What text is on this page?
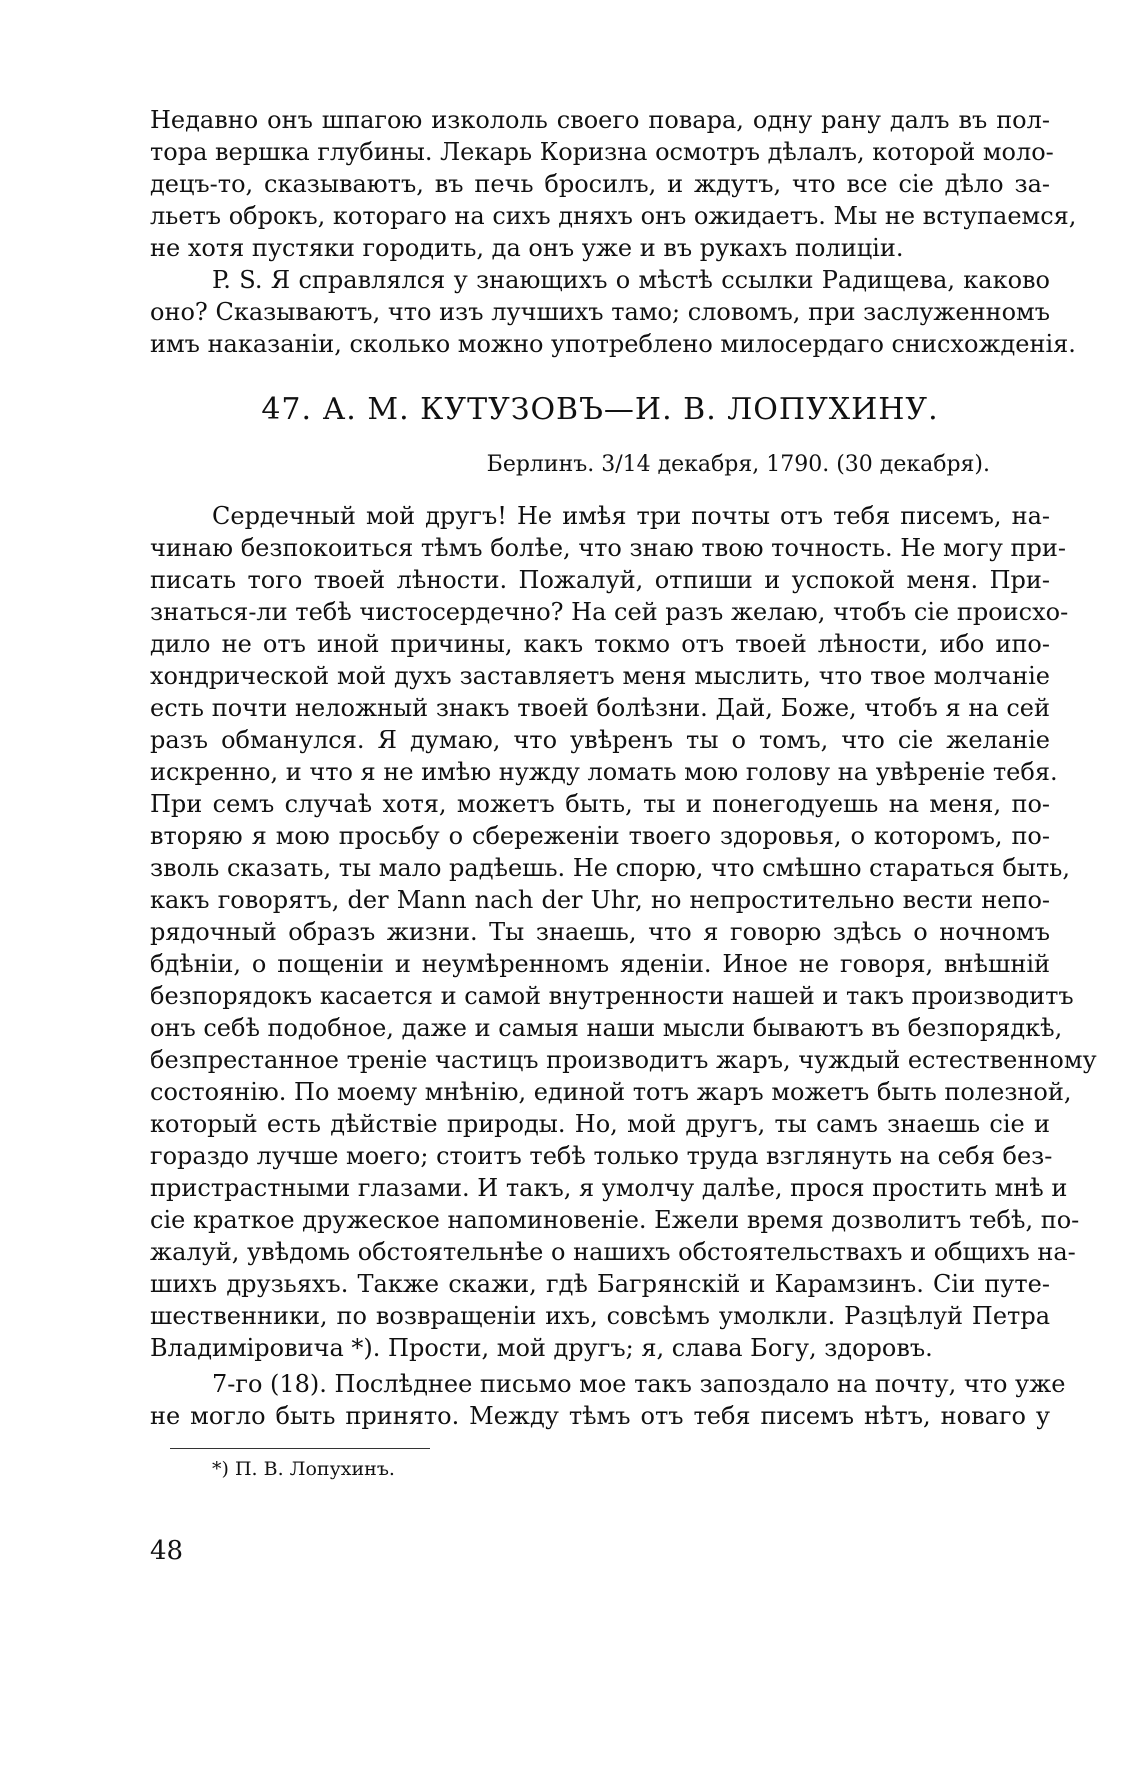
Недавно онъ шпагою изкололь своего повара, одну рану далъ въ пол-
тора вершка глубины. Лекарь Коризна осмотръ дѣлалъ, которой моло-
децъ-то, сказываютъ, въ печь бросилъ, и ждутъ, что все сіе дѣло за-
льетъ оброкъ, котораго на сихъ дняхъ онъ ожидаетъ. Мы не вступаемся,
не хотя пустяки городить, да онъ уже и въ рукахъ полиціи.
P. S. Я справлялся у знающихъ о мѣстѣ ссылки Радищева, каково
оно? Сказываютъ, что изъ лучшихъ тамо; словомъ, при заслуженномъ
имъ наказаніи, сколько можно употреблено милосердаго снисхожденія.
47. А. М. КУТУЗОВЪ—И. В. ЛОПУХИНУ.
Берлинъ. 3/14 декабря, 1790. (30 декабря).
Сердечный мой другъ! Не имѣя три почты отъ тебя писемъ, на-
чинаю безпокоиться тѣмъ болѣе, что знаю твою точность. Не могу при-
писать того твоей лѣности. Пожалуй, отпиши и успокой меня. При-
знаться-ли тебѣ чистосердечно? На сей разъ желаю, чтобъ сіе происхо-
дило не отъ иной причины, какъ токмо отъ твоей лѣности, ибо ипо-
хондрической мой духъ заставляетъ меня мыслить, что твое молчаніе
есть почти неложный знакъ твоей болѣзни. Дай, Боже, чтобъ я на сей
разъ обманулся. Я думаю, что увѣренъ ты о томъ, что сіе желаніе
искренно, и что я не имѣю нужду ломать мою голову на увѣреніе тебя.
При семъ случаѣ хотя, можетъ быть, ты и понегодуешь на меня, по-
вторяю я мою просьбу о сбереженіи твоего здоровья, о которомъ, по-
зволь сказать, ты мало радѣешь. Не спорю, что смѣшно стараться быть,
какъ говорятъ, der Mann nach der Uhr, но непростительно вести непо-
рядочный образъ жизни. Ты знаешь, что я говорю здѣсь о ночномъ
бдѣніи, о пощеніи и неумѣренномъ ядeніи. Иное не говоря, внѣшній
безпорядокъ касается и самой внутренности нашей и такъ производитъ
онъ себѣ подобное, даже и самыя наши мысли бываютъ въ безпорядкѣ,
безпрестанное треніе частицъ производитъ жаръ, чуждый естественному
состоянію. По моему мнѣнію, единой тотъ жаръ можетъ быть полезной,
который есть дѣйствіе природы. Но, мой другъ, ты самъ знаешь сіе и
гораздо лучше моего; стоитъ тебѣ только труда взглянуть на себя без-
пристрастными глазами. И такъ, я умолчу далѣе, прося простить мнѣ и
сіе краткое дружеское напоминовеніе. Ежели время дозволитъ тебѣ, по-
жалуй, увѣдомь обстоятельнѣе о нашихъ обстоятельствахъ и общихъ на-
шихъ друзьяхъ. Также скажи, гдѣ Багрянскій и Карамзинъ. Сіи путе-
шественники, по возвращеніи ихъ, совсѣмъ умолкли. Разцѣлуй Петра
Владиміровича *). Прости, мой другъ; я, слава Богу, здоровъ.
7-го (18). Послѣднее письмо мое такъ запоздало на почту, что уже
не могло быть принято. Между тѣмъ отъ тебя писемъ нѣтъ, новаго у
*) П. В. Лопухинъ.
48
